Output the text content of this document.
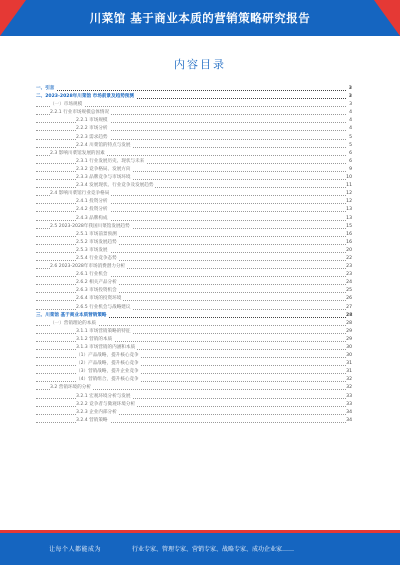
川菜馆 基于商业本质的营销策略研究报告
内容目录
一、引言	3
二、2023-2028年川菜馆 市场前景及趋势预测	3
（一）市场规模	3
2.2.1 行业市场规模总体情况	4
2.2.1 市场规模	4
2.2.2 市场分析	4
2.2.3 需求趋势	5
2.2.4 川菜馆的特点与发展	5
2.3 影响川菜馆发展的因素	6
2.3.1 行业发展历史、现状与未来	6
2.3.2 竞争格局、发展方向	9
2.3.3 品牌竞争与市场环境	10
2.3.4 发展现状、行业竞争及发展趋势	11
2.4 影响川菜馆行业竞争格局	12
2.4.1 投资分析	12
2.4.2 投资分析	13
2.4.3 品牌构成	13
2.5 2023-2028年我国川菜馆发展趋势	15
2.5.1 市场前景预测	16
2.5.2 市场发展趋势	16
2.5.3 市场发展	20
2.5.4 行业竞争态势	22
2.6 2023-2028年市场消费潜力分析	23
2.6.1 行业机会	23
2.6.2 相关产品分析	24
2.6.3 市场投资机会	25
2.6.4 市场的投资环境	26
2.6.5 行业机会与战略建议	27
三、川菜馆 基于商业本质营销策略	28
（一）营销理论的本质	28
3.1.1 市场营销策略的特征	29
3.1.2 营销的本质	29
3.1.3 市场营销的内涵和本质	30
（1）产品战略，提升核心竞争	30
（2）产品战略，提升核心竞争	31
（3）营销战略，提升企业竞争	31
（4）营销组合，提升核心竞争	32
3.2 营销环境的分析	32
3.2.1 宏观环境分析与发展	33
3.2.2 竞争者与微观环境分析	33
3.2.3 企业内部分析	34
3.2.4 营销策略	34
让每个人都能成为	行业专家、管理专家、营销专家、战略专家、成功企业家……
